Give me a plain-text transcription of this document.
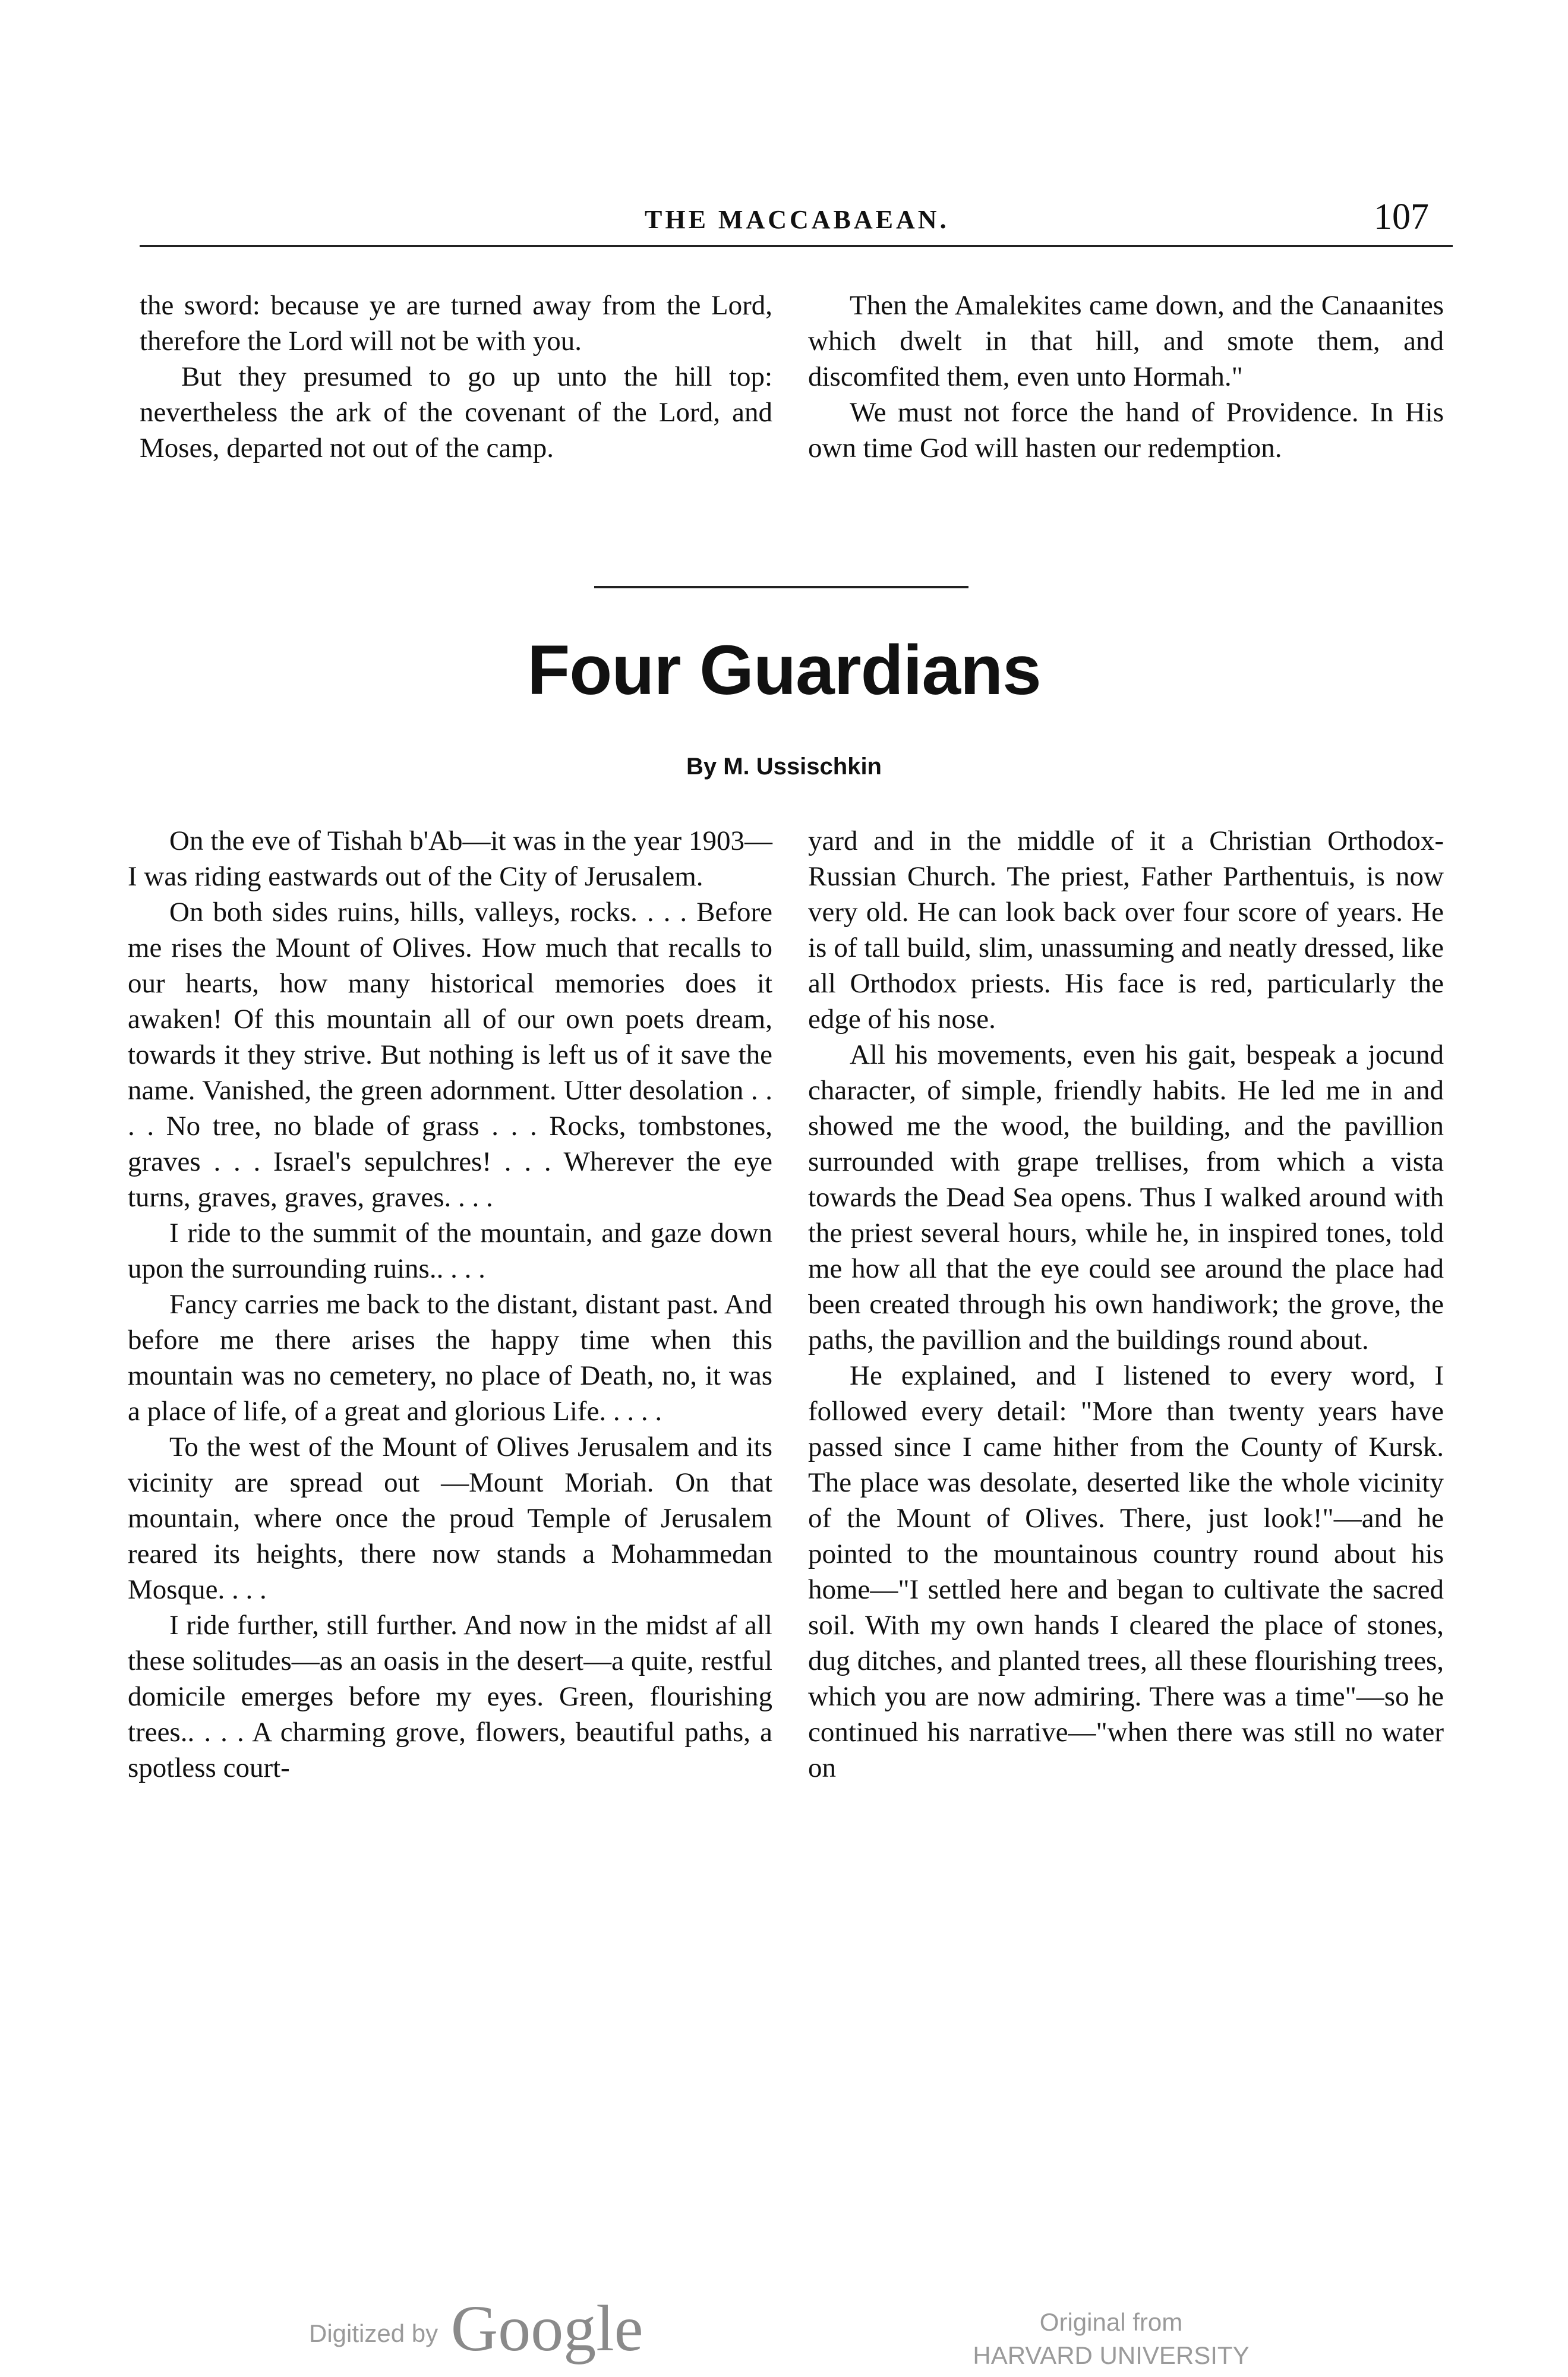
THE MACCABAEAN.	107

the sword: because ye are turned away from the Lord, therefore the Lord will not be with you.

But they presumed to go up unto the hill top: nevertheless the ark of the covenant of the Lord, and Moses, departed not out of the camp.

Then the Amalekites came down, and the Canaanites which dwelt in that hill, and smote them, and discomfited them, even unto Hormah."

We must not force the hand of Providence. In His own time God will hasten our redemption.

Four Guardians
By M. Ussischkin

On the eve of Tishah b'Ab—it was in the year 1903—I was riding eastwards out of the City of Jerusalem.

On both sides ruins, hills, valleys, rocks. . . . Before me rises the Mount of Olives. How much that recalls to our hearts, how many historical memories does it awaken! Of this mountain all of our own poets dream, towards it they strive. But nothing is left us of it save the name. Vanished, the green adornment. Utter desolation . . . . No tree, no blade of grass . . . Rocks, tombstones, graves . . . Israel's sepulchres! . . . Wherever the eye turns, graves, graves, graves. . . .

I ride to the summit of the mountain, and gaze down upon the surrounding ruins.. . . .

Fancy carries me back to the distant, distant past. And before me there arises the happy time when this mountain was no cemetery, no place of Death, no, it was a place of life, of a great and glorious Life. . . . .

To the west of the Mount of Olives Jerusalem and its vicinity are spread out —Mount Moriah. On that mountain, where once the proud Temple of Jerusalem reared its heights, there now stands a Mohammedan Mosque. . . .

I ride further, still further. And now in the midst af all these solitudes—as an oasis in the desert—a quite, restful domicile emerges before my eyes. Green, flourishing trees.. . . . A charming grove, flowers, beautiful paths, a spotless court-

yard and in the middle of it a Christian Orthodox-Russian Church. The priest, Father Parthentuis, is now very old. He can look back over four score of years. He is of tall build, slim, unassuming and neatly dressed, like all Orthodox priests. His face is red, particularly the edge of his nose.

All his movements, even his gait, bespeak a jocund character, of simple, friendly habits. He led me in and showed me the wood, the building, and the pavillion surrounded with grape trellises, from which a vista towards the Dead Sea opens. Thus I walked around with the priest several hours, while he, in inspired tones, told me how all that the eye could see around the place had been created through his own handiwork; the grove, the paths, the pavillion and the buildings round about.

He explained, and I listened to every word, I followed every detail: "More than twenty years have passed since I came hither from the County of Kursk. The place was desolate, deserted like the whole vicinity of the Mount of Olives. There, just look!"—and he pointed to the mountainous country round about his home—"I settled here and began to cultivate the sacred soil. With my own hands I cleared the place of stones, dug ditches, and planted trees, all these flourishing trees, which you are now admiring. There was a time"—so he continued his narrative—"when there was still no water on

Digitized by Google	Original from
HARVARD UNIVERSITY
